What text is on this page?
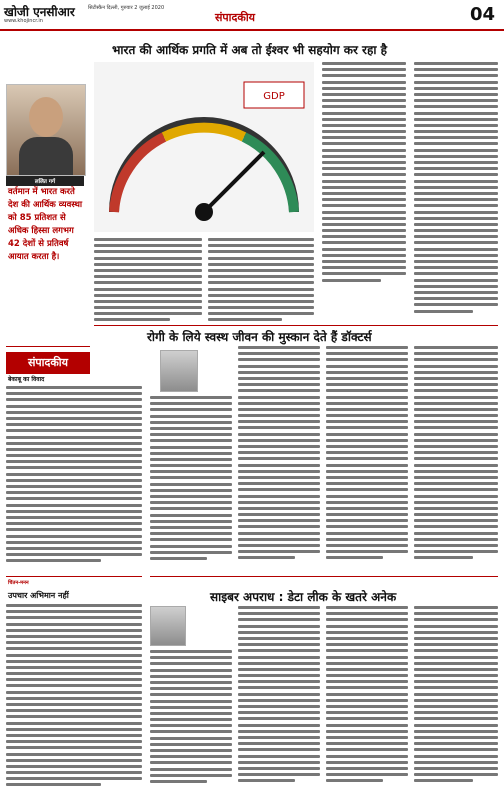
खोजी एनसीआर	सिटीस्कैन दिल्ली, गुरुवार 2 जुलाई 2020
www.khojincr.in	संपादकीय	04
भारत की आर्थिक प्रगति में अब तो ईश्वर भी सहयोग कर रहा है
ललित गर्ग
वर्तमान में भारत करते देश की आर्थिक व्यवस्था को 85 प्रतिशत से अधिक हिस्सा लगभग 42 देशों से प्रतिवर्ष आयात करता है।
GDP
रोगी के लिये स्वस्थ जीवन की मुस्कान देते हैं डॉक्टर्स
संपादकीय
बेकाबू का विवाद
चिंतन-मनन
उपचार अभिमान नहीं	साइबर अपराध : डेटा लीक के खतरे अनेक
